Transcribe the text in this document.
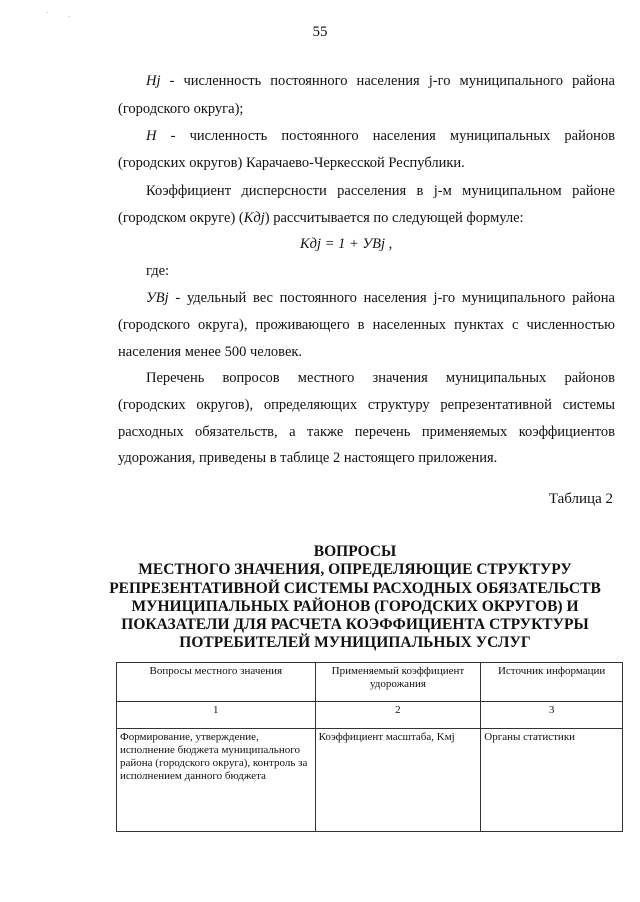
·	·
55
Hj - численность постоянного населения j-го муниципального района
(городского округа);
H - численность постоянного населения муниципальных районов
(городских округов) Карачаево-Черкесской Республики.
Коэффициент дисперсности расселения в j-м муниципальном районе
(городском округе) (Kдj) рассчитывается по следующей формуле:
Kдj = 1 + УВj ,
где:
УВj - удельный вес постоянного населения j-го муниципального района
(городского округа), проживающего в населенных пунктах с численностью
населения менее 500 человек.
Перечень вопросов местного значения муниципальных районов
(городских округов), определяющих структуру репрезентативной системы
расходных обязательств, а также перечень применяемых коэффициентов
удорожания, приведены в таблице 2 настоящего приложения.
Таблица 2
ВОПРОСЫ
МЕСТНОГО ЗНАЧЕНИЯ, ОПРЕДЕЛЯЮЩИЕ СТРУКТУРУ
РЕПРЕЗЕНТАТИВНОЙ СИСТЕМЫ РАСХОДНЫХ ОБЯЗАТЕЛЬСТВ
МУНИЦИПАЛЬНЫХ РАЙОНОВ (ГОРОДСКИХ ОКРУГОВ) И
ПОКАЗАТЕЛИ ДЛЯ РАСЧЕТА КОЭФФИЦИЕНТА СТРУКТУРЫ
ПОТРЕБИТЕЛЕЙ МУНИЦИПАЛЬНЫХ УСЛУГ
Вопросы местного значения	Применяемый коэффициент удорожания	Источник информации
1	2	3
Формирование, утверждение, исполнение бюджета муниципального района (городского округа), контроль за исполнением данного бюджета	Коэффициент масштаба, Kмj	Органы статистики
